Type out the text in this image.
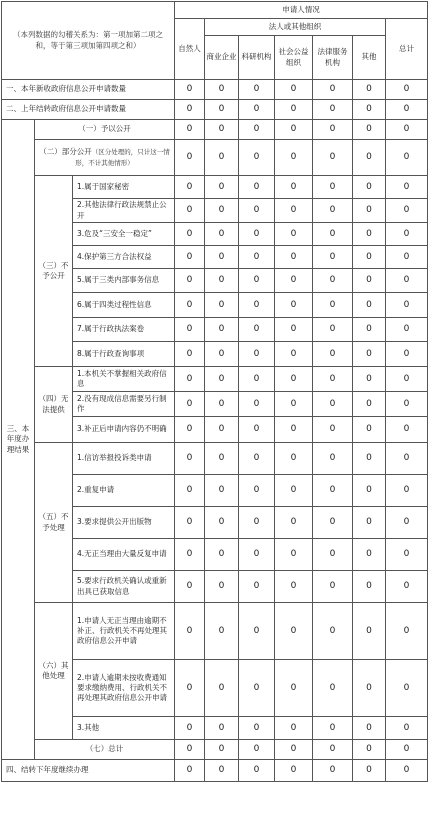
（本列数据的勾稽关系为：第一项加第二项之和，等于第三项加第四项之和）			申请人情况						
			自然人	法人或其他组织					总计
				商业企业	科研机构	社会公益组织	法律服务机构	其他	
一、本年新收政府信息公开申请数量			0	0	0	0	0	0	0
二、上年结转政府信息公开申请数量			0	0	0	0	0	0	0
三、本年度办理结果	（一）予以公开		0	0	0	0	0	0	0
	（二）部分公开（区分处理的，只计这一情形，不计其他情形）		0	0	0	0	0	0	0
	（三）不予公开	1.属于国家秘密	0	0	0	0	0	0	0
		2.其他法律行政法规禁止公开	0	0	0	0	0	0	0
		3.危及“三安全一稳定”	0	0	0	0	0	0	0
		4.保护第三方合法权益	0	0	0	0	0	0	0
		5.属于三类内部事务信息	0	0	0	0	0	0	0
		6.属于四类过程性信息	0	0	0	0	0	0	0
		7.属于行政执法案卷	0	0	0	0	0	0	0
		8.属于行政查询事项	0	0	0	0	0	0	0
	（四）无法提供	1.本机关不掌握相关政府信息	0	0	0	0	0	0	0
		2.没有现成信息需要另行制作	0	0	0	0	0	0	0
		3.补正后申请内容仍不明确	0	0	0	0	0	0	0
	（五）不予处理	1.信访举报投诉类申请	0	0	0	0	0	0	0
		2.重复申请	0	0	0	0	0	0	0
		3.要求提供公开出版物	0	0	0	0	0	0	0
		4.无正当理由大量反复申请	0	0	0	0	0	0	0
		5.要求行政机关确认或重新出具已获取信息	0	0	0	0	0	0	0
	（六）其他处理	1.申请人无正当理由逾期不补正、行政机关不再处理其政府信息公开申请	0	0	0	0	0	0	0
		2.申请人逾期未按收费通知要求缴纳费用、行政机关不再处理其政府信息公开申请	0	0	0	0	0	0	0
		3.其他	0	0	0	0	0	0	0
	（七）总计		0	0	0	0	0	0	0
四、结转下年度继续办理			0	0	0	0	0	0	0
